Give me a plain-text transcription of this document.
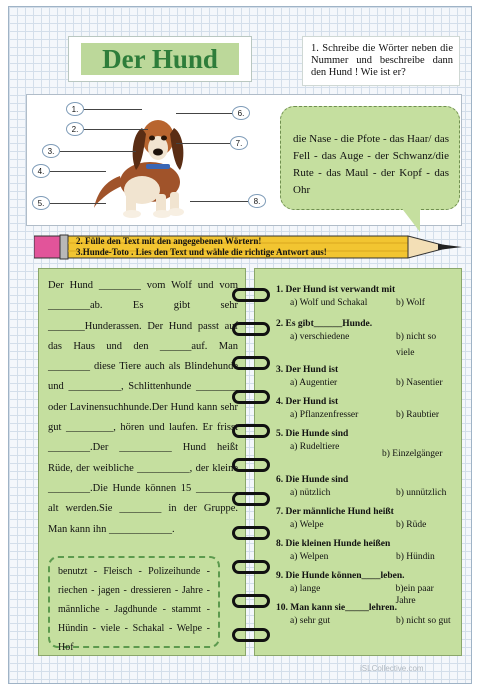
Der Hund	1. Schreibe die Wörter neben die Nummer und beschreibe dann den Hund ! Wie ist er?
1.
2.
3.
4.
5.
6.
7.
8.
die Nase - die Pfote - das Haar/ das Fell - das Auge - der Schwanz/die Rute - das Maul - der Kopf - das Ohr
2. Fülle den Text mit den angegebenen Wörtern!
3.Hunde-Toto . Lies den Text und wähle die richtige Antwort aus!
Der Hund ________ vom Wolf und vom ________ab. Es gibt sehr _______Hunderassen. Der Hund passt auf das Haus und den ______auf. Man ________ diese Tiere auch als Blindehunde und __________, Schlittenhunde ________ oder Lavinensuchhunde.Der Hund kann sehr gut _________, hören und laufen. Er frisst ________.Der __________ Hund heißt Rüde, der weibliche __________, der kleine ________.Die Hunde können 15 ________ alt werden.Sie ________ in der Gruppe. Man kann ihn ____________.
benutzt - Fleisch - Polizeihunde - riechen - jagen - dressieren - Jahre - männliche - Jagdhunde - stammt - Hündin - viele - Schakal - Welpe - Hof
1. Der Hund ist verwandt mit
a) Wolf und Schakal	b) Wolf
2. Es gibt______Hunde.
a) verschiedene	b) nicht so viele
3. Der Hund ist
a) Augentier	b) Nasentier
4. Der Hund ist
a) Pflanzenfresser	b) Raubtier
5. Die Hunde sind
a) Rudeltiere
b) Einzelgänger
6. Die Hunde sind
a) nützlich	b) unnützlich
7. Der männliche Hund heißt
a) Welpe	b) Rüde
8. Die kleinen Hunde heißen
a) Welpen	b) Hündin
9. Die Hunde können____leben.
a) lange	b)ein paar Jahre
10. Man kann sie_____lehren.
a) sehr gut	b) nicht so gut
iSLCollective.com
